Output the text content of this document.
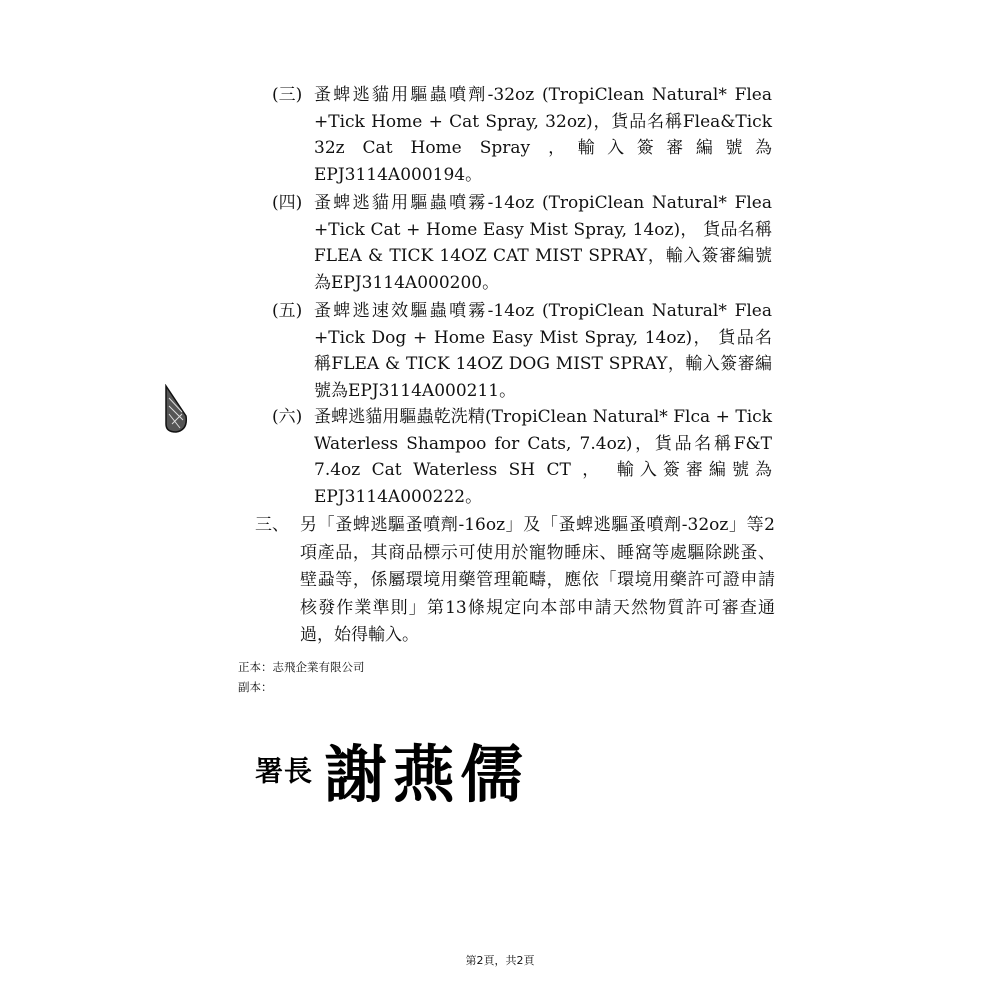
(三) 蚤蜱逃貓用驅蟲噴劑-32oz (TropiClean Natural* Flea +Tick Home + Cat Spray, 32oz)，貨品名稱Flea&Tick 32z Cat Home Spray ，輸入簽審編號為EPJ3114A000194。
(四) 蚤蜱逃貓用驅蟲噴霧-14oz (TropiClean Natural* Flea +Tick Cat + Home Easy Mist Spray, 14oz)， 貨品名稱FLEA & TICK 14OZ CAT MIST SPRAY，輸入簽審編號為EPJ3114A000200。
(五) 蚤蜱逃速效驅蟲噴霧-14oz (TropiClean Natural* Flea +Tick Dog + Home Easy Mist Spray, 14oz)， 貨品名稱FLEA & TICK 14OZ DOG MIST SPRAY，輸入簽審編號為EPJ3114A000211。
(六) 蚤蜱逃貓用驅蟲乾洗精(TropiClean Natural* Flca + Tick Waterless Shampoo for Cats, 7.4oz)，貨品名稱F&T 7.4oz Cat Waterless SH CT ， 輸入簽審編號為EPJ3114A000222。
三、 另「蚤蜱逃驅蚤噴劑-16oz」及「蚤蜱逃驅蚤噴劑-32oz」等2項產品，其商品標示可使用於寵物睡床、睡窩等處驅除跳蚤、壁蝨等，係屬環境用藥管理範疇，應依「環境用藥許可證申請核發作業準則」第13條規定向本部申請天然物質許可審查通過，始得輸入。
正本：志飛企業有限公司
副本：
署長 謝燕儒
第2頁，共2頁
